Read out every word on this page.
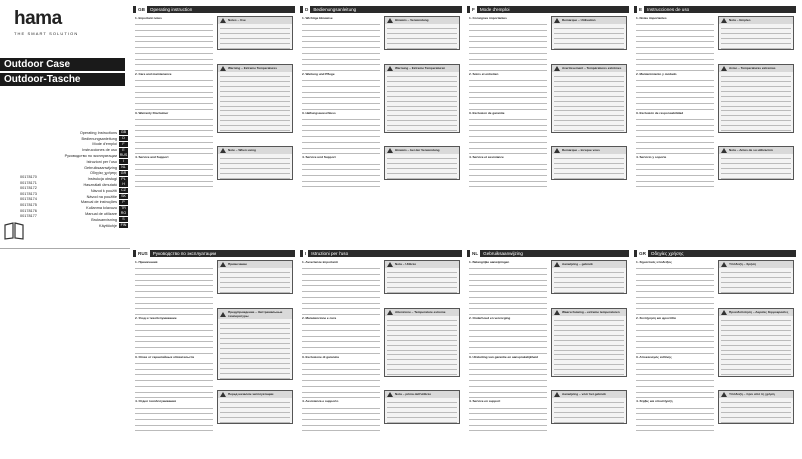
hama
THE SMART SOLUTION
Outdoor Case
Outdoor-Tasche
Operating Instructions	GB
Bedienungsanleitung	D
Mode d'emploi	F
Instrucciones de uso	E
Руководство по эксплуатации RUS
Istruzioni per l'uso	I
Gebruiksaanwijzing	NL
Οδηγίες χρήσης	GR
Instrukcja obsługi	PL
Használati útmutató	H
Návod k použití	CZ
Návod na použitie	SK
Manual de instruções	P
Kullanma kılavuzu	TR
Manual de utilizare	RO
Bruksanvisning	S
Käyttöohje FIN
00178170
00178171
00178172
00178173
00178174
00178175
00178176
00178177
GB	Operating instruction
1. Important notes
2. Care and maintenance
3. Warranty Disclaimer
4. Service and Support
Notes – Use
Warning – Extreme Temperatures
Note – When using
D	Bedienungsanleitung
1. Wichtige Hinweise
2. Wartung und Pflege
3. Haftungsausschluss
4. Service und Support
Hinweis – Verwendung
Warnung – Extreme Temperaturen
Hinweis – bei der Verwendung
F	Mode d'emploi
1. Consignes importantes
2. Soins et entretien
3. Exclusion de garantie
4. Service et assistance
Remarque – Utilisation
Avertissement – Températures extrêmes
Remarque – lorsque vous
E	Instrucciones de uso
1. Notas importantes
2. Mantenimiento y cuidado
3. Exclusión de responsabilidad
4. Servicio y soporte
Nota – Empleo
Aviso – Temperaturas extremas
Nota – Antes de su utilización
RUS	Руководство по эксплуатации
1. Примечания
2. Уход и техобслуживание
3. Отказ от гарантийных обязательств
4. Отдел техобслуживания
Примечание
Предупреждение – Экстремальные температуры
Перед началом эксплуатации
I	Istruzioni per l'uso
1. Avvertenze importanti
2. Manutenzione e cura
3. Esclusione di garanzia
4. Assistenza e supporto
Nota – Utilizzo
Attenzione – Temperature estreme
Nota – prima dell'utilizzo
NL	Gebruiksaanwijzing
1. Belangrijke aanwijzingen
2. Onderhoud en verzorging
3. Uitsluiting van garantie en aansprakelijkheid
4. Service en support
Aanwijzing – gebruik
Waarschuwing – extreme temperaturen
Aanwijzing – vóór het gebruik
GR	Οδηγίες χρήσης
1. Σημαντικές υποδείξεις
2. Συντήρηση και φροντίδα
3. Αποκλεισμός ευθύνης
4. Σέρβις και υποστήριξη
Υπόδειξη – Χρήση
Προειδοποίηση – Ακραίες θερμοκρασίες
Υπόδειξη – πριν από τη χρήση
